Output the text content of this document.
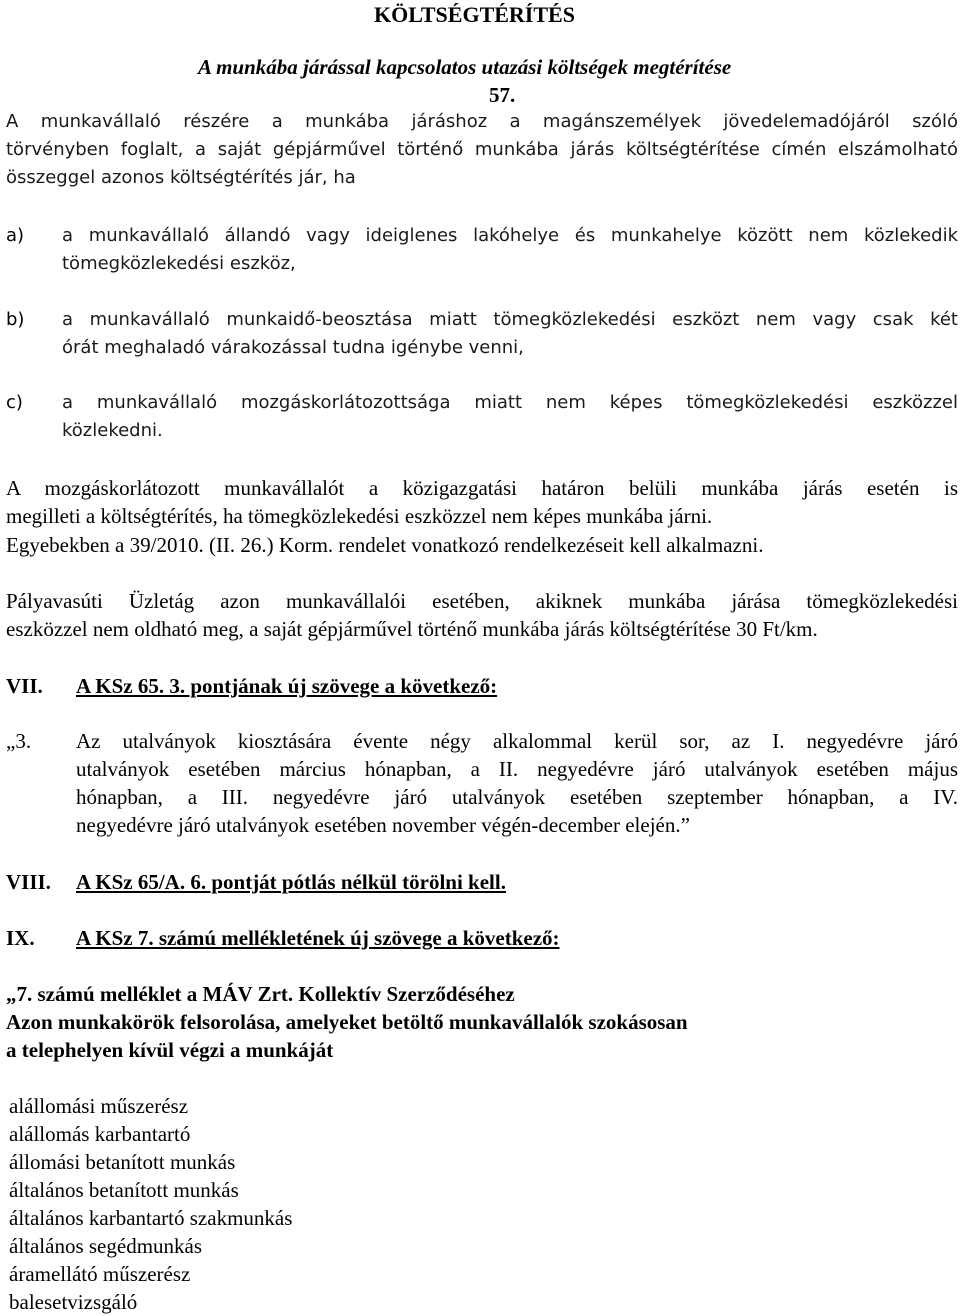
KÖLTSÉGTÉRÍTÉS
A munkába járással kapcsolatos utazási költségek megtérítése
57.
A munkavállaló részére a munkába járáshoz a magánszemélyek jövedelemadójáról szóló
törvényben foglalt, a saját gépjárművel történő munkába járás költségtérítése címén elszámolható
összeggel azonos költségtérítés jár, ha
a) a munkavállaló állandó vagy ideiglenes lakóhelye és munkahelye között nem közlekedik
tömegközlekedési eszköz,
b) a munkavállaló munkaidő-beosztása miatt tömegközlekedési eszközt nem vagy csak két
órát meghaladó várakozással tudna igénybe venni,
c) a munkavállaló mozgáskorlátozottsága miatt nem képes tömegközlekedési eszközzel
közlekedni.
A mozgáskorlátozott munkavállalót a közigazgatási határon belüli munkába járás esetén is
megilleti a költségtérítés, ha tömegközlekedési eszközzel nem képes munkába járni.
Egyebekben a 39/2010. (II. 26.) Korm. rendelet vonatkozó rendelkezéseit kell alkalmazni.
Pályavasúti Üzletág azon munkavállalói esetében, akiknek munkába járása tömegközlekedési
eszközzel nem oldható meg, a saját gépjárművel történő munkába járás költségtérítése 30 Ft/km.
VII. A KSz 65. 3. pontjának új szövege a következő:
„3. Az utalványok kiosztására évente négy alkalommal kerül sor, az I. negyedévre járó
utalványok esetében március hónapban, a II. negyedévre járó utalványok esetében május
hónapban, a III. negyedévre járó utalványok esetében szeptember hónapban, a IV.
negyedévre járó utalványok esetében november végén-december elején.”
VIII. A KSz 65/A. 6. pontját pótlás nélkül törölni kell.
IX. A KSz 7. számú mellékletének új szövege a következő:
„7. számú melléklet a MÁV Zrt. Kollektív Szerződéséhez
Azon munkakörök felsorolása, amelyeket betöltő munkavállalók szokásosan
a telephelyen kívül végzi a munkáját
alállomási műszerész
alállomás karbantartó
állomási betanított munkás
általános betanított munkás
általános karbantartó szakmunkás
általános segédmunkás
áramellátó műszerész
balesetvizsgáló
